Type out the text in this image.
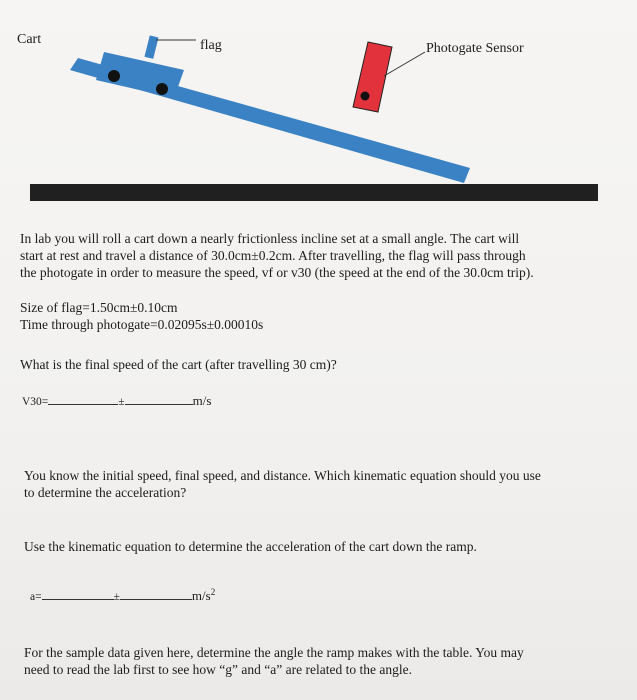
Cart	flag	Photogate Sensor
In lab you will roll a cart down a nearly frictionless incline set at a small angle. The cart will
start at rest and travel a distance of 30.0cm±0.2cm. After travelling, the flag will pass through
the photogate in order to measure the speed, vf or v30 (the speed at the end of the 30.0cm trip).
Size of flag=1.50cm±0.10cm
Time through photogate=0.02095s±0.00010s
What is the final speed of the cart (after travelling 30 cm)?
V30=	±	m/s
You know the initial speed, final speed, and distance. Which kinematic equation should you use
to determine the acceleration?
Use the kinematic equation to determine the acceleration of the cart down the ramp.
a=	±	$m/s^2$
For the sample data given here, determine the angle the ramp makes with the table. You may
need to read the lab first to see how “g” and “a” are related to the angle.
